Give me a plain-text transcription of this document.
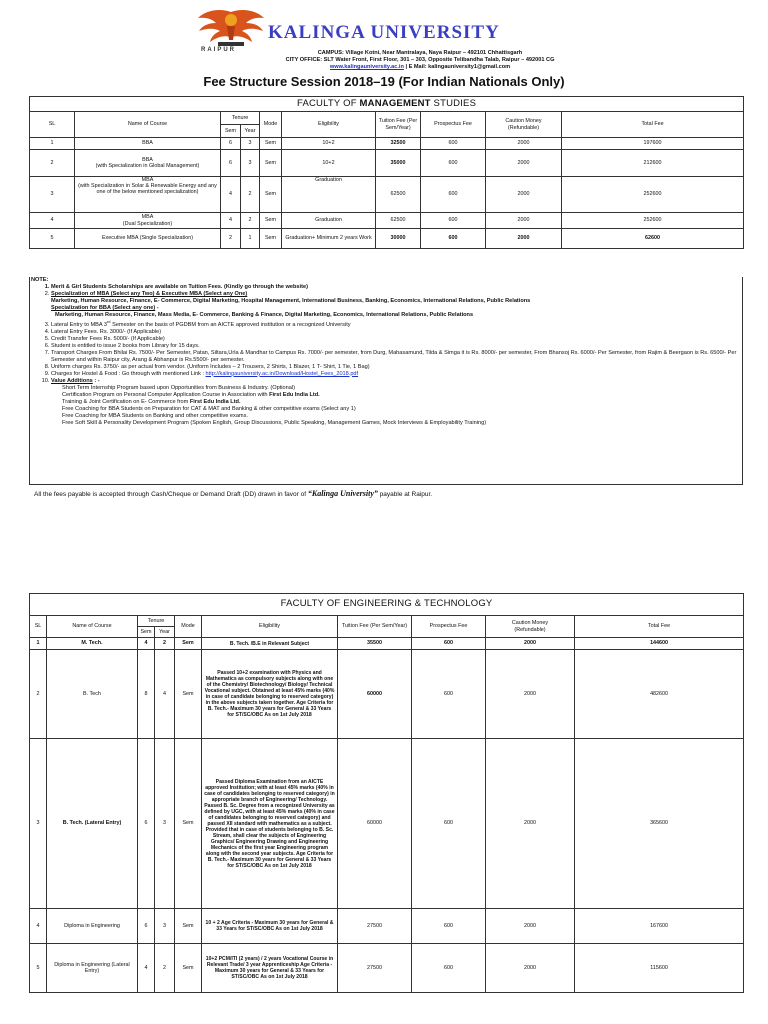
KALINGA UNIVERSITY
RAIPUR	CAMPUS: Village Kotni, Near Mantralaya, Naya Raipur – 492101 Chhattisgarh
CITY OFFICE: SLT Water Front, First Floor, 301 – 303, Opposite Telibandha Talab, Raipur – 492001 CG
www.kalingauniversity.ac.in | E Mail: kalingauniversity1@gmail.com
Fee Structure Session 2018–19 (For Indian Nationals Only)
FACULTY OF MANAGEMENT STUDIES									
SL	Name of Course	Tenure		Mode	Eligibility	Tuition Fee (Per Sem/Year)	Prospectus Fee	Caution Money
(Refundable)	Total Fee
		Sem	Year						
1	BBA	6	3	Sem	10+2	32500	600	2000	197600
2	BBA
(with Specialization in Global Management)	6	3	Sem	10+2	35000	600	2000	212600
3	MBA
(with Specialization in Solar & Renewable Energy and any one of the below mentioned specialization)	4	2	Sem	Graduation	62500	600	2000	252600
4	MBA
(Dual Specialization)	4	2	Sem	Graduation	62500	600	2000	252600
5	Executive MBA (Single Specialization)	2	1	Sem	Graduation+ Minimum 2 years Work	30000	600	2000	62600
NOTE:
1. Merit & Girl Students Scholarships are available on Tuition Fees. (Kindly go through the website)
2. Specialization of MBA (Select any Two) & Executive MBA (Select any One)
Marketing, Human Resource, Finance, E- Commerce, Digital Marketing, Hospital Management, International Business, Banking, Economics, International Relations, Public Relations
Specialization for BBA (Select any one) -
Marketing, Human Resource, Finance, Mass Media, E- Commerce, Banking & Finance, Digital Marketing, Economics, International Relations, Public Relations
3. Lateral Entry to MBA 3rd Semester on the basis of PGDBM from an AICTE approved institution or a recognized University
4. Lateral Entry Fees. Rs. 3000/- (If Applicable)
5. Credit Transfer Fees Rs. 5000/- (If Applicable)
6. Student is entitled to issue 2 books from Library for 15 days.
7. Transport Charges From Bhilai Rs. 7500/- Per Semester, Patan, Siltara,Urla & Mandhar to Campus Rs. 7000/- per semester, from Durg, Mahasamund, Tilda & Simga it is Rs. 8000/- per semester, From Bhansoj Rs. 6000/- Per Semester, from Rajim & Beergaon is Rs. 6500/- Per Semester and within Raipur city, Arang & Abhanpur is Rs.5500/- per semester.
8. Uniform charges Rs. 3750/- as per actual from vendor. (Uniform Includes – 2 Trousers, 2 Shirts, 1 Blazer, 1 T- Shirt, 1 Tie, 1 Bag)
9. Charges for Hostel & Food : Go through with mentioned Link : http://kalingauniversity.ac.in/Download/Hostel_Fees_2018.pdf
10. Value Additions : -
Short Term Internship Program based upon Opportunities from Business & Industry. (Optional)
Certification Program on Personal Computer Application Course in Association with First Edu India Ltd.
Training & Joint Certification on E- Commerce from First Edu India Ltd.
Free Coaching for BBA Students on Preparation for CAT & MAT and Banking & other competitive exams (Select any 1)
Free Coaching for MBA Students on Banking and other competitive exams.
Free Soft Skill & Personality Development Program (Spoken English, Group Discussions, Public Speaking, Management Games, Mock Interviews & Employability Training)
All the fees payable is accepted through Cash/Cheque or Demand Draft (DD) drawn in favor of “Kalinga University” payable at Raipur.
FACULTY OF ENGINEERING & TECHNOLOGY									
SL	Name of Course	Tenure		Mode	Eligibility	Tuition Fee (Per Sem/Year)	Prospectus Fee	Caution Money
(Refundable)	Total Fee
		Sem	Year						
1	M. Tech.	4	2	Sem	B. Tech. /B.E in Relevant Subject	35500	600	2000	144600
2	B. Tech	8	4	Sem	Passed 10+2 examination with Physics and Mathematics as compulsory subjects along with one of the Chemistry/ Biotechnology/ Biology/ Technical Vocational subject. Obtained at least 45% marks (40% in case of candidate belonging to reserved category) in the above subjects taken together. Age Criteria for B. Tech.- Maximum 30 years for General & 33 Years for ST/SC/OBC As on 1st July 2018	60000	600	2000	482600
3	B. Tech. (Lateral Entry)	6	3	Sem	Passed Diploma Examination from an AICTE approved Institution; with at least 45% marks (40% in case of candidates belonging to reserved category) in appropriate branch of Engineering/ Technology. Passed B. Sc. Degree from a recognized University as defined by UGC, with at least 45% marks (40% in case of candidates belonging to reserved category) and passed XII standard with mathematics as a subject. Provided that in case of students belonging to B. Sc. Stream, shall clear the subjects of Engineering Graphics/ Engineering Drawing and Engineering Mechanics of the first year Engineering program along with the second year subjects. Age Criteria for B. Tech.- Maximum 30 years for General & 33 Years for ST/SC/OBC As on 1st July 2018	60000	600	2000	365600
4	Diploma in Engineering	6	3	Sem	10 + 2 Age Criteria - Maximum 30 years for General & 33 Years for ST/SC/OBC As on 1st July 2018	27500	600	2000	167600
5	Diploma in Engineering (Lateral Entry)	4	2	Sem	10+2 PCM/ITI (2 years) / 2 years Vocational Course in Relevant Trade/ 3 year Apprenticeship Age Criteria - Maximum 30 years for General & 33 Years for ST/SC/OBC As on 1st July 2018	27500	600	2000	115600
